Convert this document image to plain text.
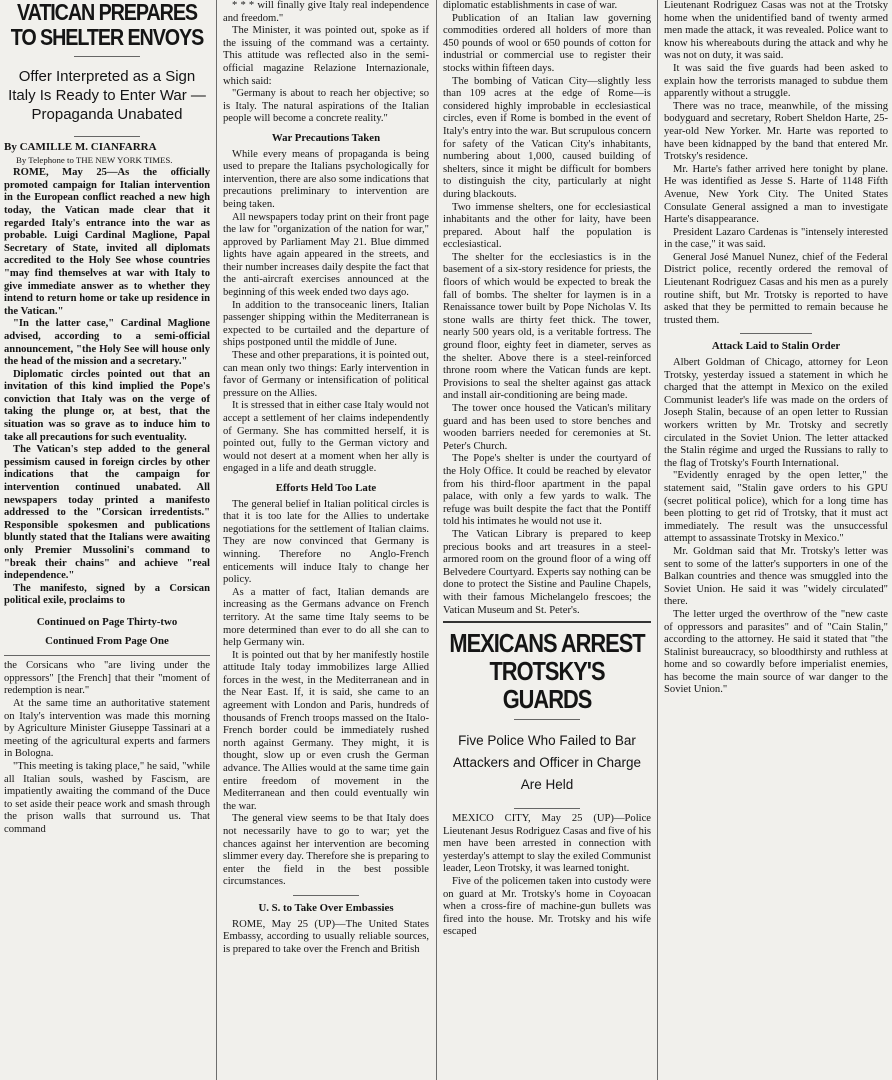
VATICAN PREPARES TO SHELTER ENVOYS
Offer Interpreted as a Sign Italy Is Ready to Enter War —Propaganda Unabated

By CAMILLE M. CIANFARRA

By Telephone to THE NEW YORK TIMES.

ROME, May 25—As the officially promoted campaign for Italian intervention in the European conflict reached a new high today, the Vatican made clear that it regarded Italy's entrance into the war as probable. Luigi Cardinal Maglione, Papal Secretary of State, invited all diplomats accredited to the Holy See whose countries "may find themselves at war with Italy to give immediate answer as to whether they intend to return home or take up residence in the Vatican."

"In the latter case," Cardinal Maglione advised, according to a semi-official announcement, "the Holy See will house only the head of the mission and a secretary."

Diplomatic circles pointed out that an invitation of this kind implied the Pope's conviction that Italy was on the verge of taking the plunge or, at best, that the situation was so grave as to induce him to take all precautions for such eventuality.

The Vatican's step added to the general pessimism caused in foreign circles by other indications that the campaign for intervention continued unabated. All newspapers today printed a manifesto addressed to the "Corsican irredentists." Responsible spokesmen and publications bluntly stated that the Italians were awaiting only Premier Mussolini's command to "break their chains" and achieve "real independence."

The manifesto, signed by a Corsican political exile, proclaims to

Continued on Page Thirty-two
Continued From Page One

the Corsicans who "are living under the oppressors" [the French] that their "moment of redemption is near."

At the same time an authoritative statement on Italy's intervention was made this morning by Agriculture Minister Giuseppe Tassinari at a meeting of the agricultural experts and farmers in Bologna.

"This meeting is taking place," he said, "while all Italian souls, washed by Fascism, are impatiently awaiting the command of the Duce to set aside their peace work and smash through the prison walls that surround us. That command

* * * will finally give Italy real independence and freedom."

The Minister, it was pointed out, spoke as if the issuing of the command was a certainty. This attitude was reflected also in the semi-official magazine Relazione Internazionale, which said:

"Germany is about to reach her objective; so is Italy. The natural aspirations of the Italian people will become a concrete reality."

War Precautions Taken

While every means of propaganda is being used to prepare the Italians psychologically for intervention, there are also some indications that precautions preliminary to intervention are being taken.

All newspapers today print on their front page the law for "organization of the nation for war," approved by Parliament May 21. Blue dimmed lights have again appeared in the streets, and their number increases daily despite the fact that the anti-aircraft exercises announced at the beginning of this week ended two days ago.

In addition to the transoceanic liners, Italian passenger shipping within the Mediterranean is expected to be curtailed and the departure of ships postponed until the middle of June.

These and other preparations, it is pointed out, can mean only two things: Early intervention in favor of Germany or intensification of political pressure on the Allies.

It is stressed that in either case Italy would not accept a settlement of her claims independently of Germany. She has committed herself, it is pointed out, fully to the German victory and would not desert at a moment when her ally is engaged in a life and death struggle.

Efforts Held Too Late

The general belief in Italian political circles is that it is too late for the Allies to undertake negotiations for the settlement of Italian claims. They are now convinced that Germany is winning. Therefore no Anglo-French enticements will induce Italy to change her policy.

As a matter of fact, Italian demands are increasing as the Germans advance on French territory. At the same time Italy seems to be more determined than ever to do all she can to help Germany win.

It is pointed out that by her manifestly hostile attitude Italy today immobilizes large Allied forces in the west, in the Mediterranean and in the Near East. If, it is said, she came to an agreement with London and Paris, hundreds of thousands of French troops massed on the Italo-French border could be immediately rushed north against Germany. They might, it is thought, slow up or even crush the German advance. The Allies would at the same time gain entire freedom of movement in the Mediterranean and then could eventually win the war.

The general view seems to be that Italy does not necessarily have to go to war; yet the chances against her intervention are becoming slimmer every day. Therefore she is preparing to enter the field in the best possible circumstances.

U. S. to Take Over Embassies

ROME, May 25 (UP)—The United States Embassy, according to usually reliable sources, is prepared to take over the French and British

diplomatic establishments in case of war.

Publication of an Italian law governing commodities ordered all holders of more than 450 pounds of wool or 650 pounds of cotton for industrial or commercial use to register their stocks within fifteen days.

The bombing of Vatican City—slightly less than 109 acres at the edge of Rome—is considered highly improbable in ecclesiastical circles, even if Rome is bombed in the event of Italy's entry into the war. But scrupulous concern for safety of the Vatican City's inhabitants, numbering about 1,000, caused building of shelters, since it might be difficult for bombers to distinguish the city, particularly at night during blackouts.

Two immense shelters, one for ecclesiastical inhabitants and the other for laity, have been prepared. About half the population is ecclesiastical.

The shelter for the ecclesiastics is in the basement of a six-story residence for priests, the floors of which would be expected to break the fall of bombs. The shelter for laymen is in a Renaissance tower built by Pope Nicholas V. Its stone walls are thirty feet thick. The tower, nearly 500 years old, is a veritable fortress. The ground floor, eighty feet in diameter, serves as the shelter. Above there is a steel-reinforced throne room where the Vatican funds are kept. Provisions to seal the shelter against gas attack and install air-conditioning are being made.

The tower once housed the Vatican's military guard and has been used to store benches and wooden barriers needed for ceremonies at St. Peter's Church.

The Pope's shelter is under the courtyard of the Holy Office. It could be reached by elevator from his third-floor apartment in the papal palace, with only a few yards to walk. The refuge was built despite the fact that the Pontiff told his intimates he would not use it.

The Vatican Library is prepared to keep precious books and art treasures in a steel-armored room on the ground floor of a wing off Belvedere Courtyard. Experts say nothing can be done to protect the Sistine and Pauline Chapels, with their famous Michelangelo frescoes; the Vatican Museum and St. Peter's.

MEXICANS ARREST TROTSKY'S GUARDS
Five Police Who Failed to Bar Attackers and Officer in Charge Are Held

MEXICO CITY, May 25 (UP)—Police Lieutenant Jesus Rodriguez Casas and five of his men have been arrested in connection with yesterday's attempt to slay the exiled Communist leader, Leon Trotsky, it was learned tonight.

Five of the policemen taken into custody were on guard at Mr. Trotsky's home in Coyoacan when a cross-fire of machine-gun bullets was fired into the house. Mr. Trotsky and his wife escaped

Lieutenant Rodriguez Casas was not at the Trotsky home when the unidentified band of twenty armed men made the attack, it was revealed. Police want to know his whereabouts during the attack and why he was not on duty, it was said.

It was said the five guards had been asked to explain how the terrorists managed to subdue them apparently without a struggle.

There was no trace, meanwhile, of the missing bodyguard and secretary, Robert Sheldon Harte, 25-year-old New Yorker. Mr. Harte was reported to have been kidnapped by the band that entered Mr. Trotsky's residence.

Mr. Harte's father arrived here tonight by plane. He was identified as Jesse S. Harte of 1148 Fifth Avenue, New York City. The United States Consulate General assigned a man to investigate Harte's disappearance.

President Lazaro Cardenas is "intensely interested in the case," it was said.

General José Manuel Nunez, chief of the Federal District police, recently ordered the removal of Lieutenant Rodriguez Casas and his men as a purely routine shift, but Mr. Trotsky is reported to have asked that they be permitted to remain because he trusted them.

Attack Laid to Stalin Order

Albert Goldman of Chicago, attorney for Leon Trotsky, yesterday issued a statement in which he charged that the attempt in Mexico on the exiled Communist leader's life was made on the orders of Joseph Stalin, because of an open letter to Russian workers written by Mr. Trotsky and secretly circulated in the Soviet Union. The letter attacked the Stalin régime and urged the Russians to rally to the flag of Trotsky's Fourth International.

"Evidently enraged by the open letter," the statement said, "Stalin gave orders to his GPU (secret political police), which for a long time has been plotting to get rid of Trotsky, that it must act immediately. The result was the unsuccessful attempt to assassinate Trotsky in Mexico."

Mr. Goldman said that Mr. Trotsky's letter was sent to some of the latter's supporters in one of the Balkan countries and thence was smuggled into the Soviet Union. He said it was "widely circulated" there.

The letter urged the overthrow of the "new caste of oppressors and parasites" and of "Cain Stalin," according to the attorney. He said it stated that "the Stalinist bureaucracy, so bloodthirsty and ruthless at home and so cowardly before imperialist enemies, has become the main source of war danger to the Soviet Union."
